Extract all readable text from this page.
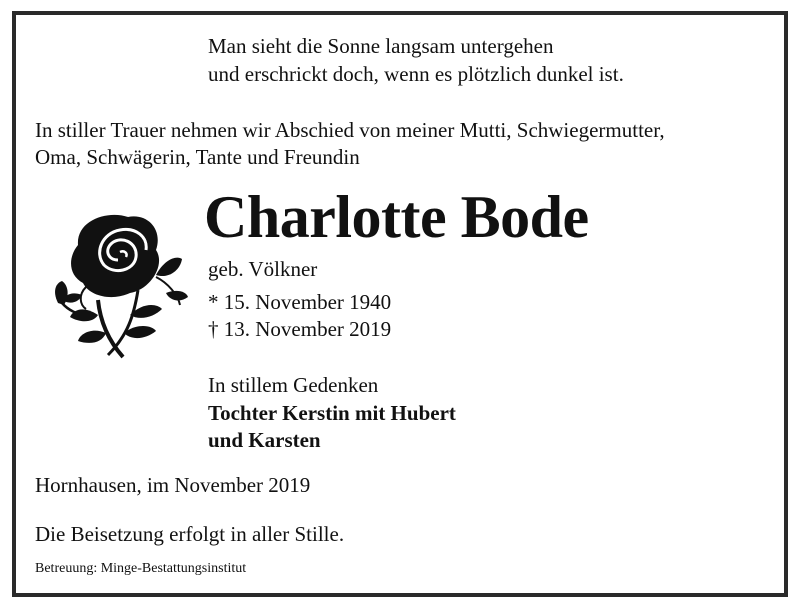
Man sieht die Sonne langsam untergehen
und erschrickt doch, wenn es plötzlich dunkel ist.
In stiller Trauer nehmen wir Abschied von meiner Mutti, Schwiegermutter,
Oma, Schwägerin, Tante und Freundin
Charlotte Bode
geb. Völkner
* 15. November 1940
† 13. November 2019
In stillem Gedenken
Tochter Kerstin mit Hubert
und Karsten
Hornhausen, im November 2019
Die Beisetzung erfolgt in aller Stille.
Betreuung: Minge-Bestattungsinstitut
